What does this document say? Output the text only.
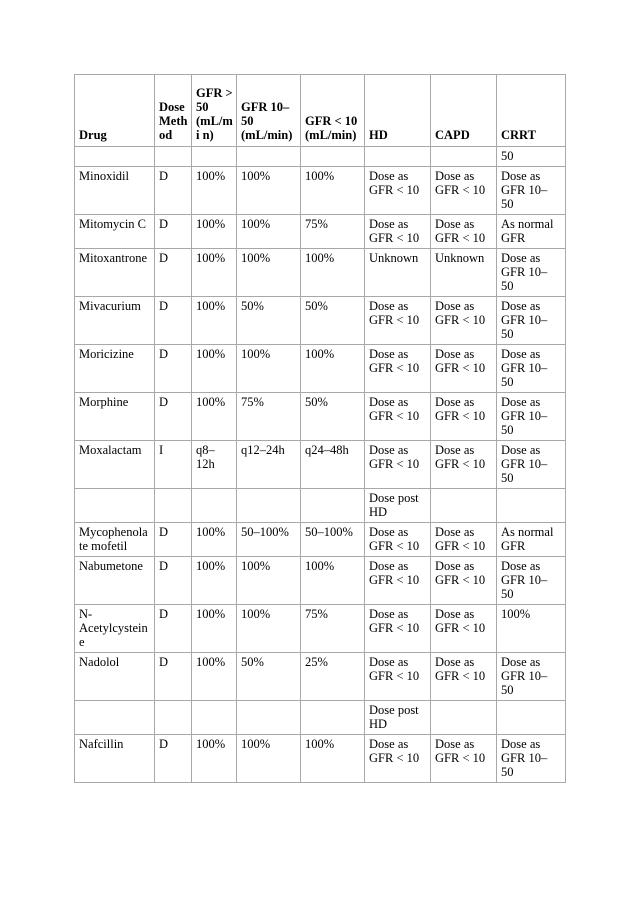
Drug	Dose Meth od	GFR > 50 (mL/mi n)	GFR 10– 50 (mL/min)	GFR < 10 (mL/min)	HD	CAPD	CRRT
							50
Minoxidil	D	100%	100%	100%	Dose as GFR < 10	Dose as GFR < 10	Dose as GFR 10– 50
Mitomycin C	D	100%	100%	75%	Dose as GFR < 10	Dose as GFR < 10	As normal GFR
Mitoxantrone	D	100%	100%	100%	Unknown	Unknown	Dose as GFR 10– 50
Mivacurium	D	100%	50%	50%	Dose as GFR < 10	Dose as GFR < 10	Dose as GFR 10– 50
Moricizine	D	100%	100%	100%	Dose as GFR < 10	Dose as GFR < 10	Dose as GFR 10– 50
Morphine	D	100%	75%	50%	Dose as GFR < 10	Dose as GFR < 10	Dose as GFR 10– 50
Moxalactam	I	q8–12h	q12–24h	q24–48h	Dose as GFR < 10	Dose as GFR < 10	Dose as GFR 10– 50
					Dose post HD		
Mycophenola te mofetil	D	100%	50–100%	50–100%	Dose as GFR < 10	Dose as GFR < 10	As normal GFR
Nabumetone	D	100%	100%	100%	Dose as GFR < 10	Dose as GFR < 10	Dose as GFR 10– 50
N- Acetylcystein e	D	100%	100%	75%	Dose as GFR < 10	Dose as GFR < 10	100%
Nadolol	D	100%	50%	25%	Dose as GFR < 10	Dose as GFR < 10	Dose as GFR 10– 50
					Dose post HD		
Nafcillin	D	100%	100%	100%	Dose as GFR < 10	Dose as GFR < 10	Dose as GFR 10– 50
